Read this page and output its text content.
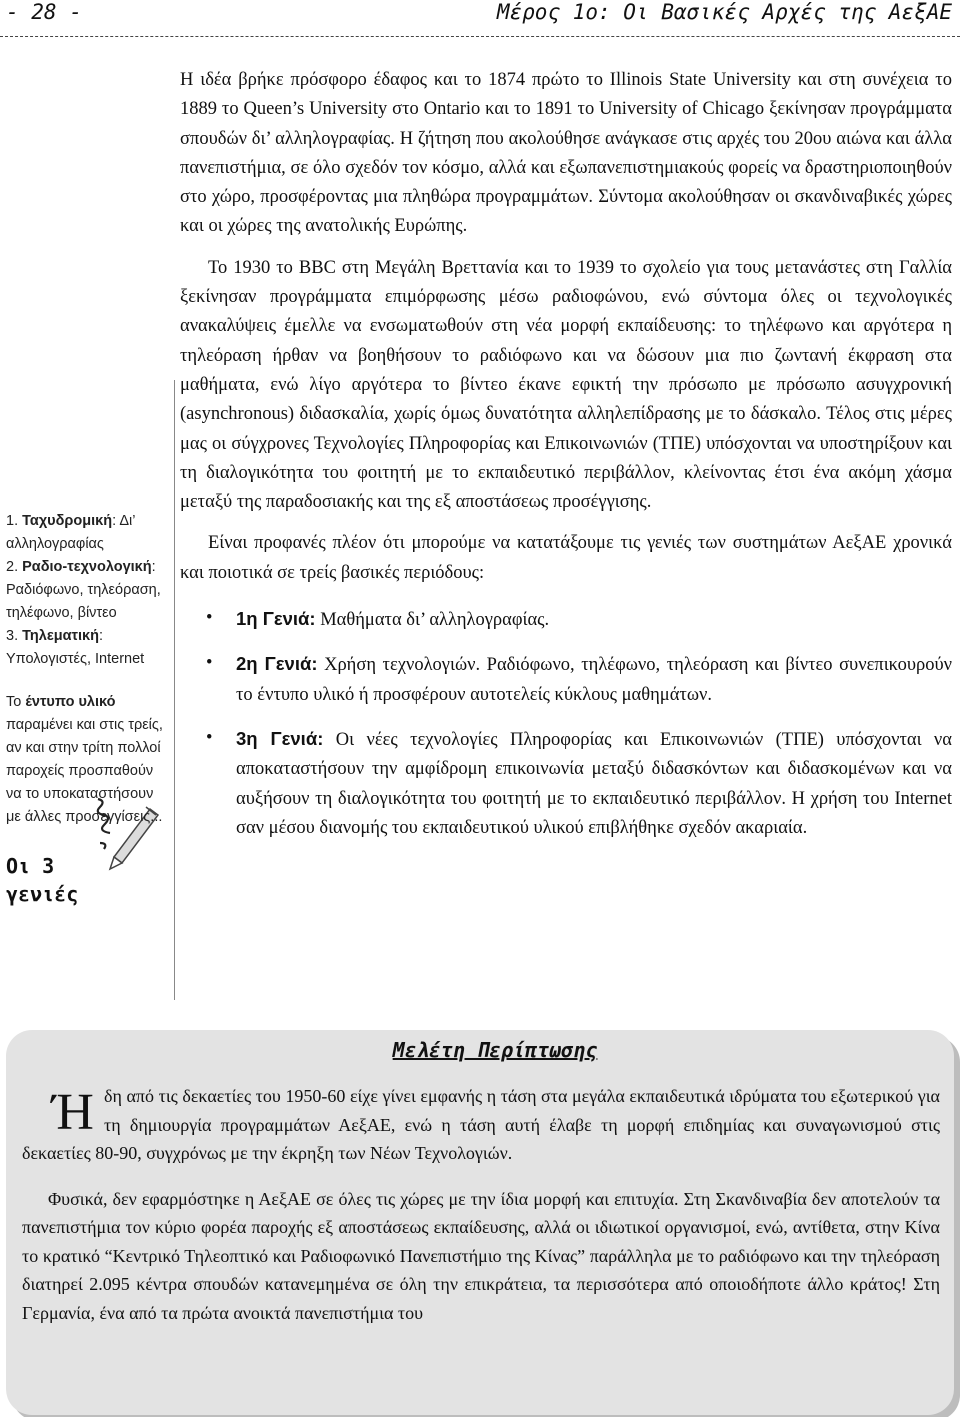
- 28 -	Μέρος 1ο: Οι Βασικές Αρχές της ΑεξΑΕ
Οι 3
γενιές
1. Ταχυδρομική: Δι’ αλληλογραφίας
2. Ραδιο-τεχνολογική: Ραδιόφωνο, τηλεόραση, τηλέφωνο, βίντεο
3. Τηλεματική: Υπολογιστές, Internet
Το έντυπο υλικό παραμένει και στις τρείς, αν και στην τρίτη πολλοί παροχείς προσπαθούν να το υποκαταστήσουν με άλλες προσεγγίσεις...

Η ιδέα βρήκε πρόσφορο έδαφος και το 1874 πρώτο το Illinois State University και στη συνέχεια το 1889 το Queen’s University στο Ontario και το 1891 το University of Chicago ξεκίνησαν προγράμματα σπουδών δι’ αλληλογραφίας. Η ζήτηση που ακολούθησε ανάγκασε στις αρχές του 20ου αιώνα και άλλα πανεπιστήμια, σε όλο σχεδόν τον κόσμο, αλλά και εξωπανεπιστημιακούς φορείς να δραστηριοποιηθούν στο χώρο, προσφέροντας μια πληθώρα προγραμμάτων. Σύντομα ακολούθησαν οι σκανδιναβικές χώρες και οι χώρες της ανατολικής Ευρώπης.

Το 1930 το BBC στη Μεγάλη Βρεττανία και το 1939 το σχολείο για τους μετανάστες στη Γαλλία ξεκίνησαν προγράμματα επιμόρφωσης μέσω ραδιοφώνου, ενώ σύντομα όλες οι τεχνολογικές ανακαλύψεις έμελλε να ενσωματωθούν στη νέα μορφή εκπαίδευσης: το τηλέφωνο και αργότερα η τηλεόραση ήρθαν να βοηθήσουν το ραδιόφωνο και να δώσουν μια πιο ζωντανή έκφραση στα μαθήματα, ενώ λίγο αργότερα το βίντεο έκανε εφικτή την πρόσωπο με πρόσωπο ασυγχρονική (asynchronous) διδασκαλία, χωρίς όμως δυνατότητα αλληλεπίδρασης με το δάσκαλο. Τέλος στις μέρες μας οι σύγχρονες Τεχνολογίες Πληροφορίας και Επικοινωνιών (ΤΠΕ) υπόσχονται να υποστηρίξουν και τη διαλογικότητα του φοιτητή με το εκπαιδευτικό περιβάλλον, κλείνοντας έτσι ένα ακόμη χάσμα μεταξύ της παραδοσιακής και της εξ αποστάσεως προσέγγισης.

Είναι προφανές πλέον ότι μπορούμε να κατατάξουμε τις γενιές των συστημάτων ΑεξΑΕ χρονικά και ποιοτικά σε τρείς βασικές περιόδους:

• 1η Γενιά: Μαθήματα δι’ αλληλογραφίας.
• 2η Γενιά: Χρήση τεχνολογιών. Ραδιόφωνο, τηλέφωνο, τηλεόραση και βίντεο συνεπικουρούν το έντυπο υλικό ή προσφέρουν αυτοτελείς κύκλους μαθημάτων.
• 3η Γενιά: Οι νέες τεχνολογίες Πληροφορίας και Επικοινωνιών (ΤΠΕ) υπόσχονται να αποκαταστήσουν την αμφίδρομη επικοινωνία μεταξύ διδασκόντων και διδασκομένων και να αυξήσουν τη διαλογικότητα του φοιτητή με το εκπαιδευτικό περιβάλλον. Η χρήση του Internet σαν μέσου διανομής του εκπαιδευτικού υλικού επιβλήθηκε σχεδόν ακαριαία.
Μελέτη Περίπτωσης

Ήδη από τις δεκαετίες του 1950-60 είχε γίνει εμφανής η τάση στα μεγάλα εκπαιδευτικά ιδρύματα του εξωτερικού για τη δημιουργία προγραμμάτων ΑεξΑΕ, ενώ η τάση αυτή έλαβε τη μορφή επιδημίας και συναγωνισμού στις δεκαετίες 80-90, συγχρόνως με την έκρηξη των Νέων Τεχνολογιών.

Φυσικά, δεν εφαρμόστηκε η ΑεξΑΕ σε όλες τις χώρες με την ίδια μορφή και επιτυχία. Στη Σκανδιναβία δεν αποτελούν τα πανεπιστήμια τον κύριο φορέα παροχής εξ αποστάσεως εκπαίδευσης, αλλά οι ιδιωτικοί οργανισμοί, ενώ, αντίθετα, στην Κίνα το κρατικό “Κεντρικό Τηλεοπτικό και Ραδιοφωνικό Πανεπιστήμιο της Κίνας” παράλληλα με το ραδιόφωνο και την τηλεόραση διατηρεί 2.095 κέντρα σπουδών κατανεμημένα σε όλη την επικράτεια, τα περισσότερα από οποιοδήποτε άλλο κράτος! Στη Γερμανία, ένα από τα πρώτα ανοικτά πανεπιστήμια του
